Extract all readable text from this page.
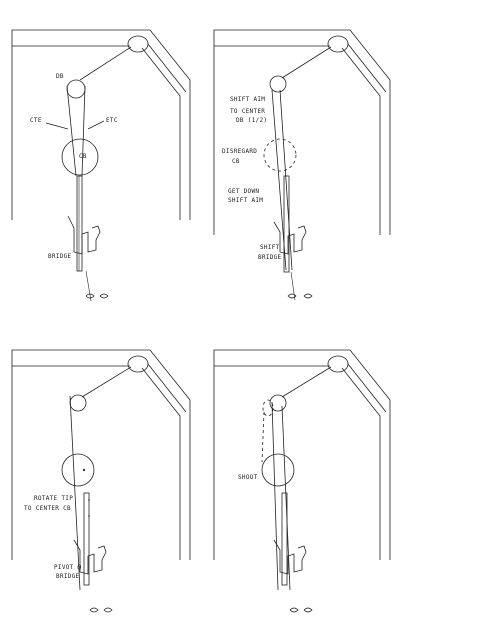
DB
CTE	ETC
CB
BRIDGE
SHIFT AIM
TO CENTER
DB (1/2)
DISREGARD
CB
GET DOWN
SHIFT AIM
SHIFT
BRIDGE
ROTATE TIP
TO CENTER CB
PIVOT @
BRIDGE
SHOOT
